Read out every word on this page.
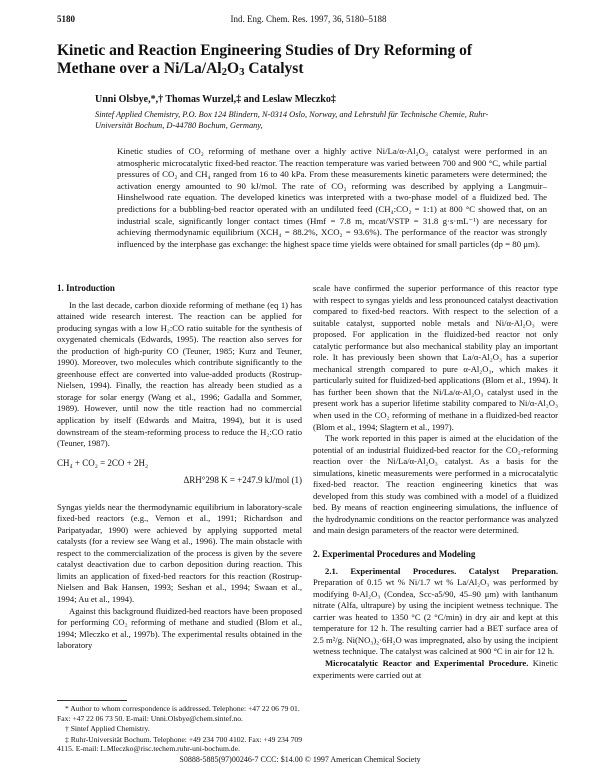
5180	Ind. Eng. Chem. Res. 1997, 36, 5180–5188
Kinetic and Reaction Engineering Studies of Dry Reforming of
Methane over a $Ni/La/Al_2O_3$ Catalyst
Unni Olsbye,*,† Thomas Wurzel,‡ and Leslaw Mleczko‡
Sintef Applied Chemistry, P.O. Box 124 Blindern, N-0314 Oslo, Norway, and Lehrstuhl für Technische Chemie, Ruhr-Universität Bochum, D-44780 Bochum, Germany,
Kinetic studies of CO₂ reforming of methane over a highly active Ni/La/α-Al₂O₃ catalyst were performed in an atmospheric microcatalytic fixed-bed reactor. The reaction temperature was varied between 700 and 900 °C, while partial pressures of CO₂ and CH₄ ranged from 16 to 40 kPa. From these measurements kinetic parameters were determined; the activation energy amounted to 90 kJ/mol. The rate of CO₂ reforming was described by applying a Langmuir–Hinshelwood rate equation. The developed kinetics was interpreted with a two-phase model of a fluidized bed. The predictions for a bubbling-bed reactor operated with an undiluted feed (CH₄:CO₂ = 1:1) at 800 °C showed that, on an industrial scale, significantly longer contact times (Hmf = 7.8 m, mcat/VSTP = 31.8 g·s·mL⁻¹) are necessary for achieving thermodynamic equilibrium (XCH₄ = 88.2%, XCO₂ = 93.6%). The performance of the reactor was strongly influenced by the interphase gas exchange: the highest space time yields were obtained for small particles (dp = 80 μm).
1. Introduction

In the last decade, carbon dioxide reforming of methane (eq 1) has attained wide research interest. The reaction can be applied for producing syngas with a low H₂:CO ratio suitable for the synthesis of oxygenated chemicals (Edwards, 1995). The reaction also serves for the production of high-purity CO (Teuner, 1985; Kurz and Teuner, 1990). Moreover, two molecules which contribute significantly to the greenhouse effect are converted into value-added products (Rostrup-Nielsen, 1994). Finally, the reaction has already been studied as a storage for solar energy (Wang et al., 1996; Gadalla and Sommer, 1989). However, until now the title reaction had no commercial application by itself (Edwards and Maitra, 1994), but it is used downstream of the steam-reforming process to reduce the H₂:CO ratio (Teuner, 1987).

CH₄ + CO₂ = 2CO + 2H₂
ΔRH°298 K = +247.9 kJ/mol (1)

Syngas yields near the thermodynamic equilibrium in laboratory-scale fixed-bed reactors (e.g., Vernon et al., 1991; Richardson and Paripatyadar, 1990) were achieved by applying supported metal catalysts (for a review see Wang et al., 1996). The main obstacle with respect to the commercialization of the process is given by the severe catalyst deactivation due to carbon deposition during reaction. This limits an application of fixed-bed reactors for this reaction (Rostrup-Nielsen and Bak Hansen, 1993; Seshan et al., 1994; Swaan et al., 1994; Au et al., 1994).

Against this background fluidized-bed reactors have been proposed for performing CO₂ reforming of methane and studied (Blom et al., 1994; Mleczko et al., 1997b). The experimental results obtained in the laboratory

* Author to whom correspondence is addressed. Telephone: +47 22 06 79 01. Fax: +47 22 06 73 50. E-mail: Unni.Olsbye@chem.sintef.no.

† Sintef Applied Chemistry.

‡ Ruhr-Universität Bochum. Telephone: +49 234 700 4102. Fax: +49 234 709 4115. E-mail: L.Mleczko@risc.techem.ruhr-uni-bochum.de.

scale have confirmed the superior performance of this reactor type with respect to syngas yields and less pronounced catalyst deactivation compared to fixed-bed reactors. With respect to the selection of a suitable catalyst, supported noble metals and Ni/α-Al₂O₃ were proposed. For application in the fluidized-bed reactor not only catalytic performance but also mechanical stability play an important role. It has previously been shown that La/α-Al₂O₃ has a superior mechanical strength compared to pure α-Al₂O₃, which makes it particularly suited for fluidized-bed applications (Blom et al., 1994). It has further been shown that the Ni/La/α-Al₂O₃ catalyst used in the present work has a superior lifetime stability compared to Ni/α-Al₂O₃ when used in the CO₂ reforming of methane in a fluidized-bed reactor (Blom et al., 1994; Slagtern et al., 1997).

The work reported in this paper is aimed at the elucidation of the potential of an industrial fluidized-bed reactor for the CO₂-reforming reaction over the Ni/La/α-Al₂O₃ catalyst. As a basis for the simulations, kinetic measurements were performed in a microcatalytic fixed-bed reactor. The reaction engineering kinetics that was developed from this study was combined with a model of a fluidized bed. By means of reaction engineering simulations, the influence of the hydrodynamic conditions on the reactor performance was analyzed and main design parameters of the reactor were determined.

2. Experimental Procedures and Modeling

2.1. Experimental Procedures. Catalyst Preparation. Preparation of 0.15 wt % Ni/1.7 wt % La/Al₂O₃ was performed by modifying θ-Al₂O₃ (Condea, Scc-a5/90, 45–90 μm) with lanthanum nitrate (Alfa, ultrapure) by using the incipient wetness technique. The carrier was heated to 1350 °C (2 °C/min) in dry air and kept at this temperature for 12 h. The resulting carrier had a BET surface area of 2.5 m²/g. Ni(NO₃)₂·6H₂O was impregnated, also by using the incipient wetness technique. The catalyst was calcined at 900 °C in air for 12 h.

Microcatalytic Reactor and Experimental Procedure. Kinetic experiments were carried out at

S0888-5885(97)00246-7 CCC: $14.00 © 1997 American Chemical Society
